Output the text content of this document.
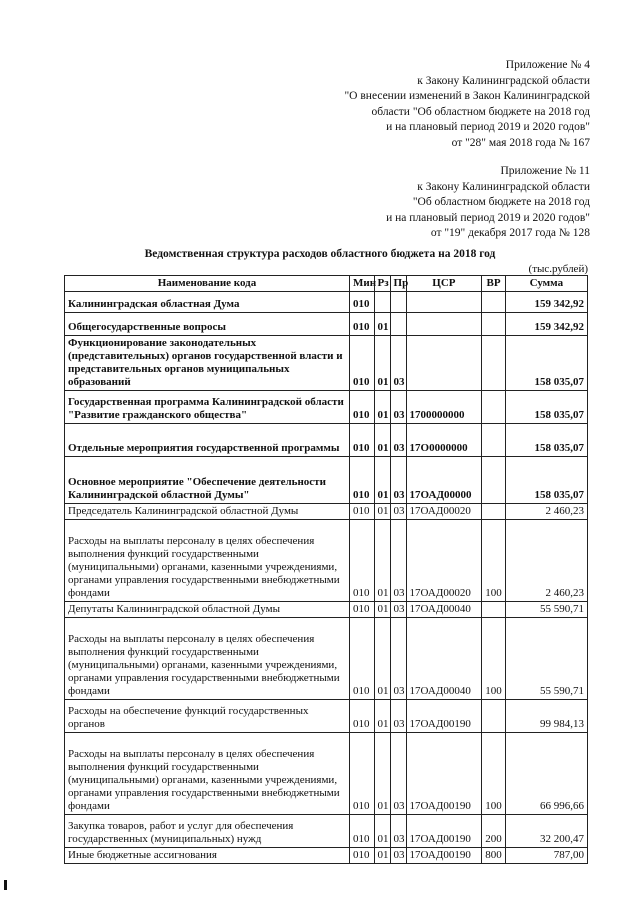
Приложение № 4
к Закону Калининградской области
"О внесении изменений в Закон Калининградской
области "Об областном бюджете на 2018 год
и на плановый период 2019 и 2020 годов"
от "28" мая 2018 года № 167
Приложение № 11
к Закону Калининградской области
"Об областном бюджете на 2018 год
и на плановый период 2019 и 2020 годов"
от "19" декабря 2017 года № 128
Ведомственная структура расходов областного бюджета на 2018 год
(тыс.рублей)
Наименование кода	Мин	Рз	Пр	ЦСР	ВР	Сумма
Калининградская областная Дума	010					159 342,92
Общегосударственные вопросы	010	01				159 342,92
Функционирование законодательных (представительных) органов государственной власти и представительных органов муниципальных образований	010	01	03			158 035,07
Государственная программа Калининградской области "Развитие гражданского общества"	010	01	03	1700000000		158 035,07
Отдельные мероприятия государственной программы	010	01	03	17О0000000		158 035,07
Основное мероприятие "Обеспечение деятельности Калининградской областной Думы"	010	01	03	17ОАД00000		158 035,07
Председатель Калининградской областной Думы	010	01	03	17ОАД00020		2 460,23
Расходы на выплаты персоналу в целях обеспечения выполнения функций государственными (муниципальными) органами, казенными учреждениями, органами управления государственными внебюджетными фондами	010	01	03	17ОАД00020	100	2 460,23
Депутаты Калининградской областной Думы	010	01	03	17ОАД00040		55 590,71
Расходы на выплаты персоналу в целях обеспечения выполнения функций государственными (муниципальными) органами, казенными учреждениями, органами управления государственными внебюджетными фондами	010	01	03	17ОАД00040	100	55 590,71
Расходы на обеспечение функций государственных органов	010	01	03	17ОАД00190		99 984,13
Расходы на выплаты персоналу в целях обеспечения выполнения функций государственными (муниципальными) органами, казенными учреждениями, органами управления государственными внебюджетными фондами	010	01	03	17ОАД00190	100	66 996,66
Закупка товаров, работ и услуг для обеспечения государственных (муниципальных) нужд	010	01	03	17ОАД00190	200	32 200,47
Иные бюджетные ассигнования	010	01	03	17ОАД00190	800	787,00
